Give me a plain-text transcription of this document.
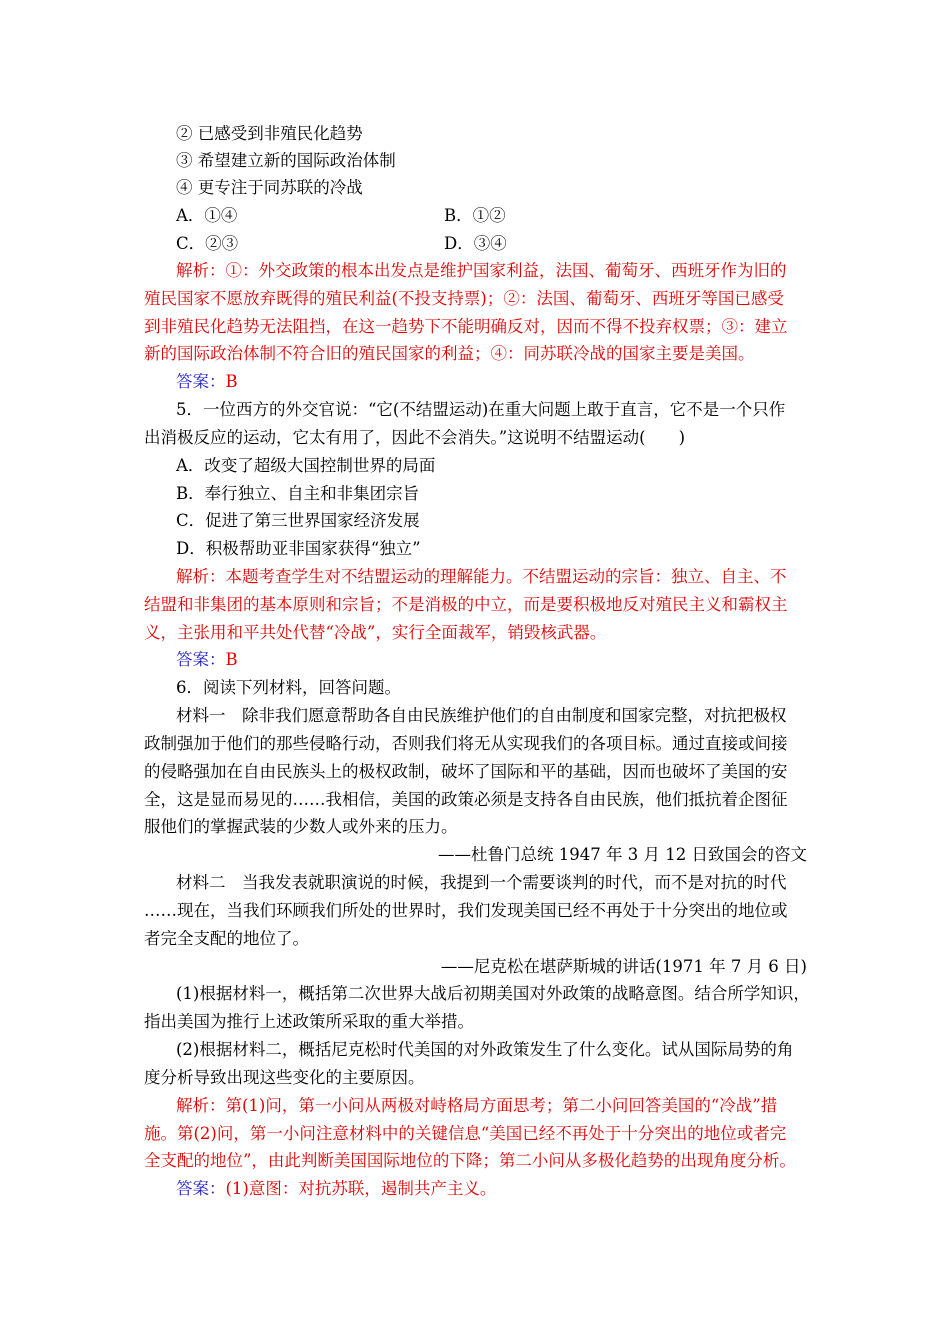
② 已感受到非殖民化趋势
③ 希望建立新的国际政治体制
④ 更专注于同苏联的冷战
A．①④	B．①②
C．②③	D．③④
解析：①：外交政策的根本出发点是维护国家利益，法国、葡萄牙、西班牙作为旧的
殖民国家不愿放弃既得的殖民利益(不投支持票)；②：法国、葡萄牙、西班牙等国已感受
到非殖民化趋势无法阻挡，在这一趋势下不能明确反对，因而不得不投弃权票；③：建立
新的国际政治体制不符合旧的殖民国家的利益；④：同苏联冷战的国家主要是美国。
答案：B
5．一位西方的外交官说：“它(不结盟运动)在重大问题上敢于直言，它不是一个只作
出消极反应的运动，它太有用了，因此不会消失。”这说明不结盟运动(　　)
A．改变了超级大国控制世界的局面
B．奉行独立、自主和非集团宗旨
C．促进了第三世界国家经济发展
D．积极帮助亚非国家获得“独立”
解析：本题考查学生对不结盟运动的理解能力。不结盟运动的宗旨：独立、自主、不
结盟和非集团的基本原则和宗旨；不是消极的中立，而是要积极地反对殖民主义和霸权主
义，主张用和平共处代替“冷战”，实行全面裁军，销毁核武器。
答案：B
6．阅读下列材料，回答问题。
材料一　除非我们愿意帮助各自由民族维护他们的自由制度和国家完整，对抗把极权
政制强加于他们的那些侵略行动，否则我们将无从实现我们的各项目标。通过直接或间接
的侵略强加在自由民族头上的极权政制，破坏了国际和平的基础，因而也破坏了美国的安
全，这是显而易见的……我相信，美国的政策必须是支持各自由民族，他们抵抗着企图征
服他们的掌握武装的少数人或外来的压力。
——杜鲁门总统 1947 年 3 月 12 日致国会的咨文
材料二　当我发表就职演说的时候，我提到一个需要谈判的时代，而不是对抗的时代
……现在，当我们环顾我们所处的世界时，我们发现美国已经不再处于十分突出的地位或
者完全支配的地位了。
——尼克松在堪萨斯城的讲话(1971 年 7 月 6 日)
(1)根据材料一，概括第二次世界大战后初期美国对外政策的战略意图。结合所学知识，
指出美国为推行上述政策所采取的重大举措。
(2)根据材料二，概括尼克松时代美国的对外政策发生了什么变化。试从国际局势的角
度分析导致出现这些变化的主要原因。
解析：第(1)问，第一小问从两极对峙格局方面思考；第二小问回答美国的“冷战”措
施。第(2)问，第一小问注意材料中的关键信息“美国已经不再处于十分突出的地位或者完
全支配的地位”，由此判断美国国际地位的下降；第二小问从多极化趋势的出现角度分析。
答案：(1)意图：对抗苏联，遏制共产主义。
